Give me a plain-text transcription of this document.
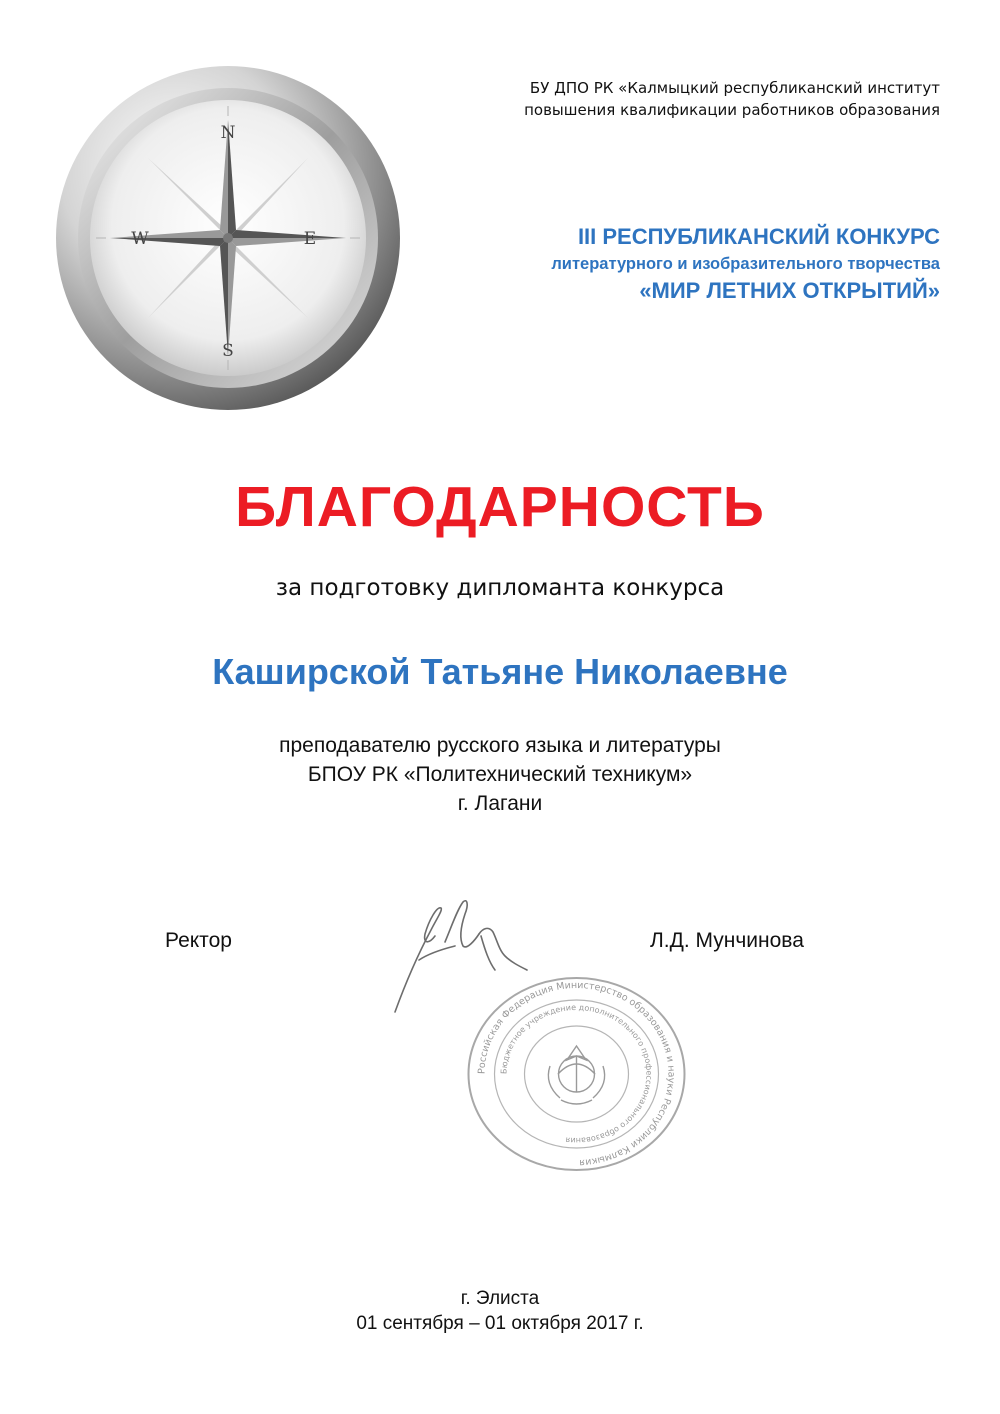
N
S
W	E
БУ ДПО РК «Калмыцкий республиканский институт
повышения квалификации работников образования
III РЕСПУБЛИКАНСКИЙ КОНКУРС
литературного и изобразительного творчества
«МИР ЛЕТНИХ ОТКРЫТИЙ»
БЛАГОДАРНОСТЬ
за подготовку дипломанта конкурса
Каширской Татьяне Николаевне
преподавателю русского языка и литературы
БПОУ РК «Политехнический техникум»
г. Лагани
Ректор	Л.Д. Мунчинова
Российская Федерация Министерство образования и науки Республики Калмыкия
Бюджетное учреждение дополнительного профессионального образования
г. Элиста
01 сентября – 01 октября 2017 г.
